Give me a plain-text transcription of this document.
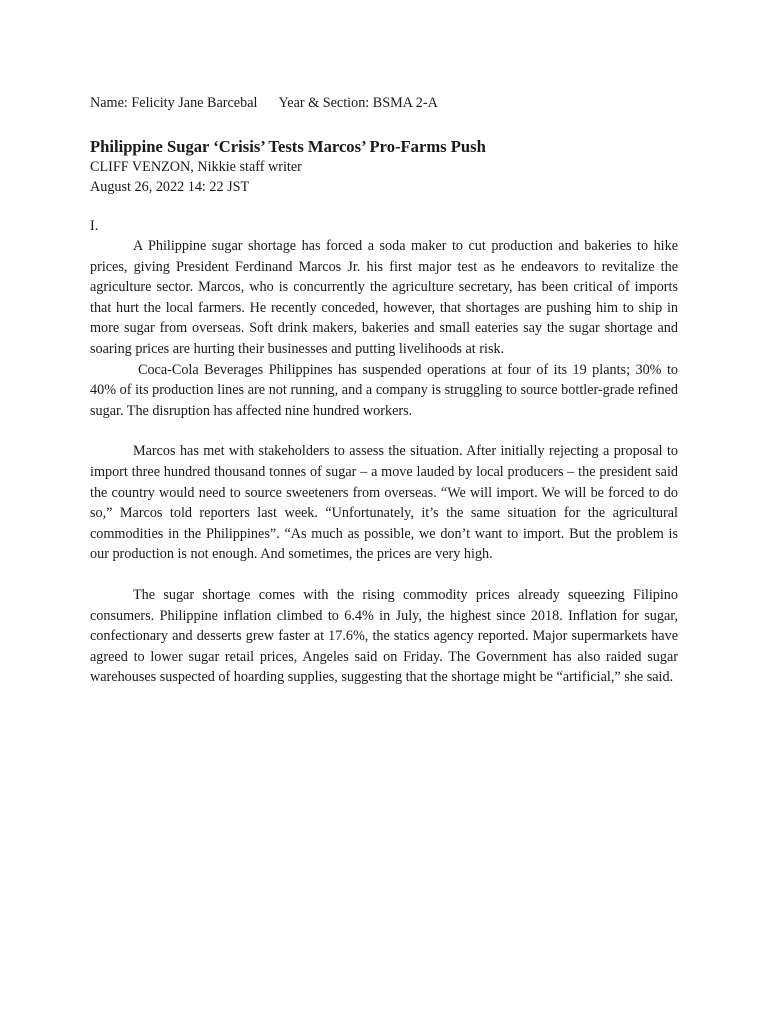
Name: Felicity Jane Barcebal Year & Section: BSMA 2-A
Philippine Sugar ‘Crisis’ Tests Marcos’ Pro-Farms Push
CLIFF VENZON, Nikkie staff writer
August 26, 2022 14: 22 JST
I.

A Philippine sugar shortage has forced a soda maker to cut production and bakeries to hike prices, giving President Ferdinand Marcos Jr. his first major test as he endeavors to revitalize the agriculture sector. Marcos, who is concurrently the agriculture secretary, has been critical of imports that hurt the local farmers. He recently conceded, however, that shortages are pushing him to ship in more sugar from overseas. Soft drink makers, bakeries and small eateries say the sugar shortage and soaring prices are hurting their businesses and putting livelihoods at risk.

Coca-Cola Beverages Philippines has suspended operations at four of its 19 plants; 30% to 40% of its production lines are not running, and a company is struggling to source bottler-grade refined sugar. The disruption has affected nine hundred workers.

Marcos has met with stakeholders to assess the situation. After initially rejecting a proposal to import three hundred thousand tonnes of sugar – a move lauded by local producers – the president said the country would need to source sweeteners from overseas. “We will import. We will be forced to do so,” Marcos told reporters last week. “Unfortunately, it’s the same situation for the agricultural commodities in the Philippines”. “As much as possible, we don’t want to import. But the problem is our production is not enough. And sometimes, the prices are very high.

The sugar shortage comes with the rising commodity prices already squeezing Filipino consumers. Philippine inflation climbed to 6.4% in July, the highest since 2018. Inflation for sugar, confectionary and desserts grew faster at 17.6%, the statics agency reported. Major supermarkets have agreed to lower sugar retail prices, Angeles said on Friday. The Government has also raided sugar warehouses suspected of hoarding supplies, suggesting that the shortage might be “artificial,” she said.
